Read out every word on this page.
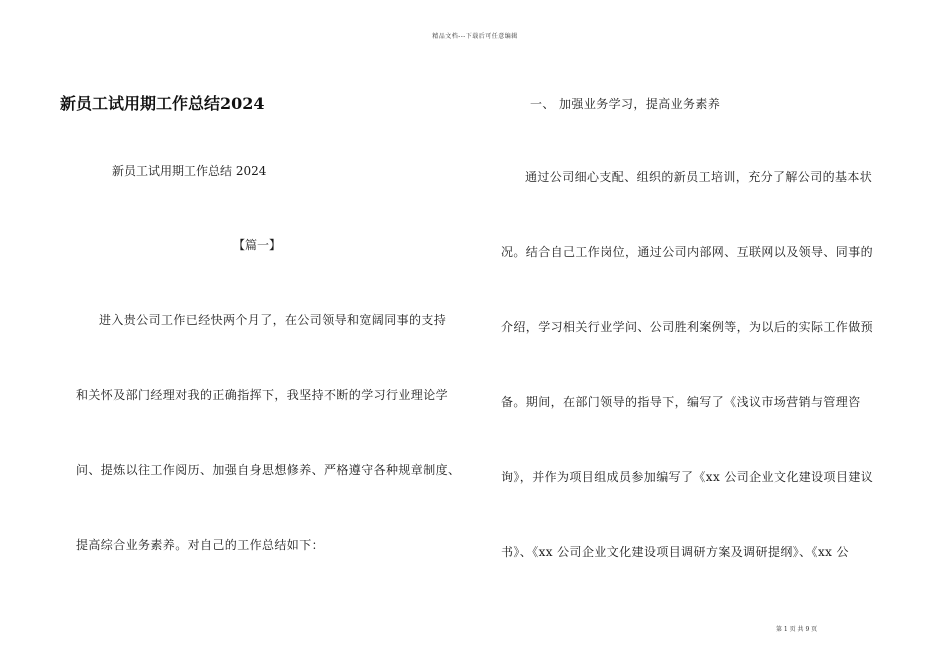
精品文档---下载后可任意编辑
新员工试用期工作总结2024
新员工试用期工作总结 2024
【篇一】
进入贵公司工作已经快两个月了，在公司领导和宽阔同事的支持
和关怀及部门经理对我的正确指挥下，我坚持不断的学习行业理论学
问、提炼以往工作阅历、加强自身思想修养、严格遵守各种规章制度、
提高综合业务素养。对自己的工作总结如下：
一、 加强业务学习，提高业务素养
通过公司细心支配、组织的新员工培训，充分了解公司的基本状
况。结合自己工作岗位，通过公司内部网、互联网以及领导、同事的
介绍，学习相关行业学问、公司胜利案例等，为以后的实际工作做预
备。期间，在部门领导的指导下，编写了《浅议市场营销与管理咨
询》，并作为项目组成员参加编写了《xx 公司企业文化建设项目建议
书》、《xx 公司企业文化建设项目调研方案及调研提纲》、《xx 公
第 1 页 共 9 页
